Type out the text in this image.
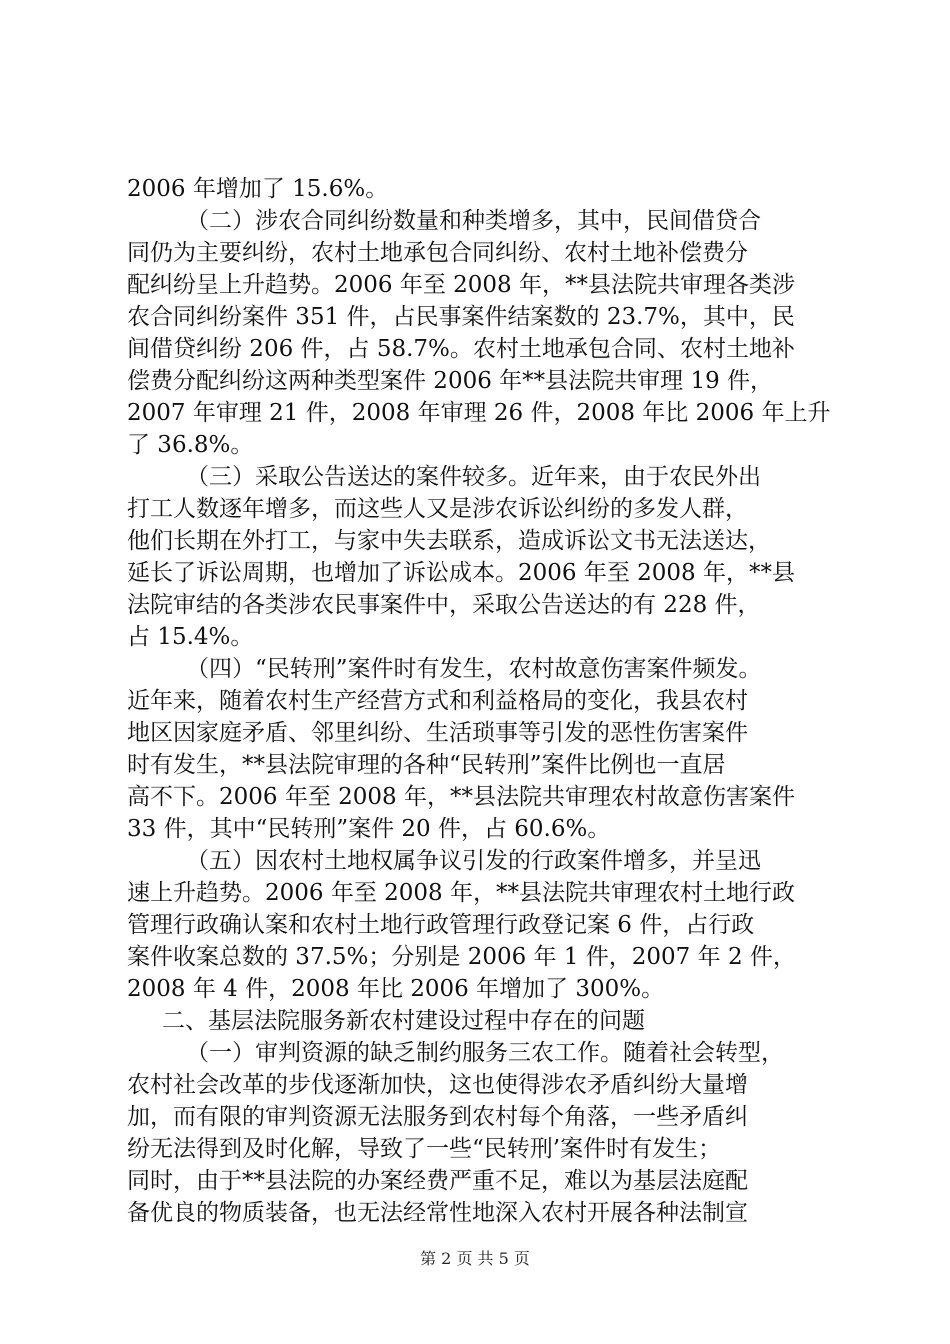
2006 年增加了 15.6%。
（二）涉农合同纠纷数量和种类增多，其中，民间借贷合
同仍为主要纠纷，农村土地承包合同纠纷、农村土地补偿费分
配纠纷呈上升趋势。2006 年至 2008 年，**县法院共审理各类涉
农合同纠纷案件 351 件，占民事案件结案数的 23.7%，其中，民
间借贷纠纷 206 件，占 58.7%。农村土地承包合同、农村土地补
偿费分配纠纷这两种类型案件 2006 年**县法院共审理 19 件，
2007 年审理 21 件，2008 年审理 26 件，2008 年比 2006 年上升
了 36.8%。
（三）采取公告送达的案件较多。近年来，由于农民外出
打工人数逐年增多，而这些人又是涉农诉讼纠纷的多发人群，
他们长期在外打工，与家中失去联系，造成诉讼文书无法送达，
延长了诉讼周期，也增加了诉讼成本。2006 年至 2008 年，**县
法院审结的各类涉农民事案件中，采取公告送达的有 228 件，
占 15.4%。
（四）“民转刑”案件时有发生，农村故意伤害案件频发。
近年来，随着农村生产经营方式和利益格局的变化，我县农村
地区因家庭矛盾、邻里纠纷、生活琐事等引发的恶性伤害案件
时有发生，**县法院审理的各种“民转刑”案件比例也一直居
高不下。2006 年至 2008 年，**县法院共审理农村故意伤害案件
33 件，其中“民转刑”案件 20 件，占 60.6%。
（五）因农村土地权属争议引发的行政案件增多，并呈迅
速上升趋势。2006 年至 2008 年，**县法院共审理农村土地行政
管理行政确认案和农村土地行政管理行政登记案 6 件，占行政
案件收案总数的 37.5%；分别是 2006 年 1 件，2007 年 2 件，
2008 年 4 件，2008 年比 2006 年增加了 300%。
二、基层法院服务新农村建设过程中存在的问题
（一）审判资源的缺乏制约服务三农工作。随着社会转型，
农村社会改革的步伐逐渐加快，这也使得涉农矛盾纠纷大量增
加，而有限的审判资源无法服务到农村每个角落，一些矛盾纠
纷无法得到及时化解，导致了一些“民转刑’案件时有发生；
同时，由于**县法院的办案经费严重不足，难以为基层法庭配
备优良的物质装备，也无法经常性地深入农村开展各种法制宣
第 2 页 共 5 页
